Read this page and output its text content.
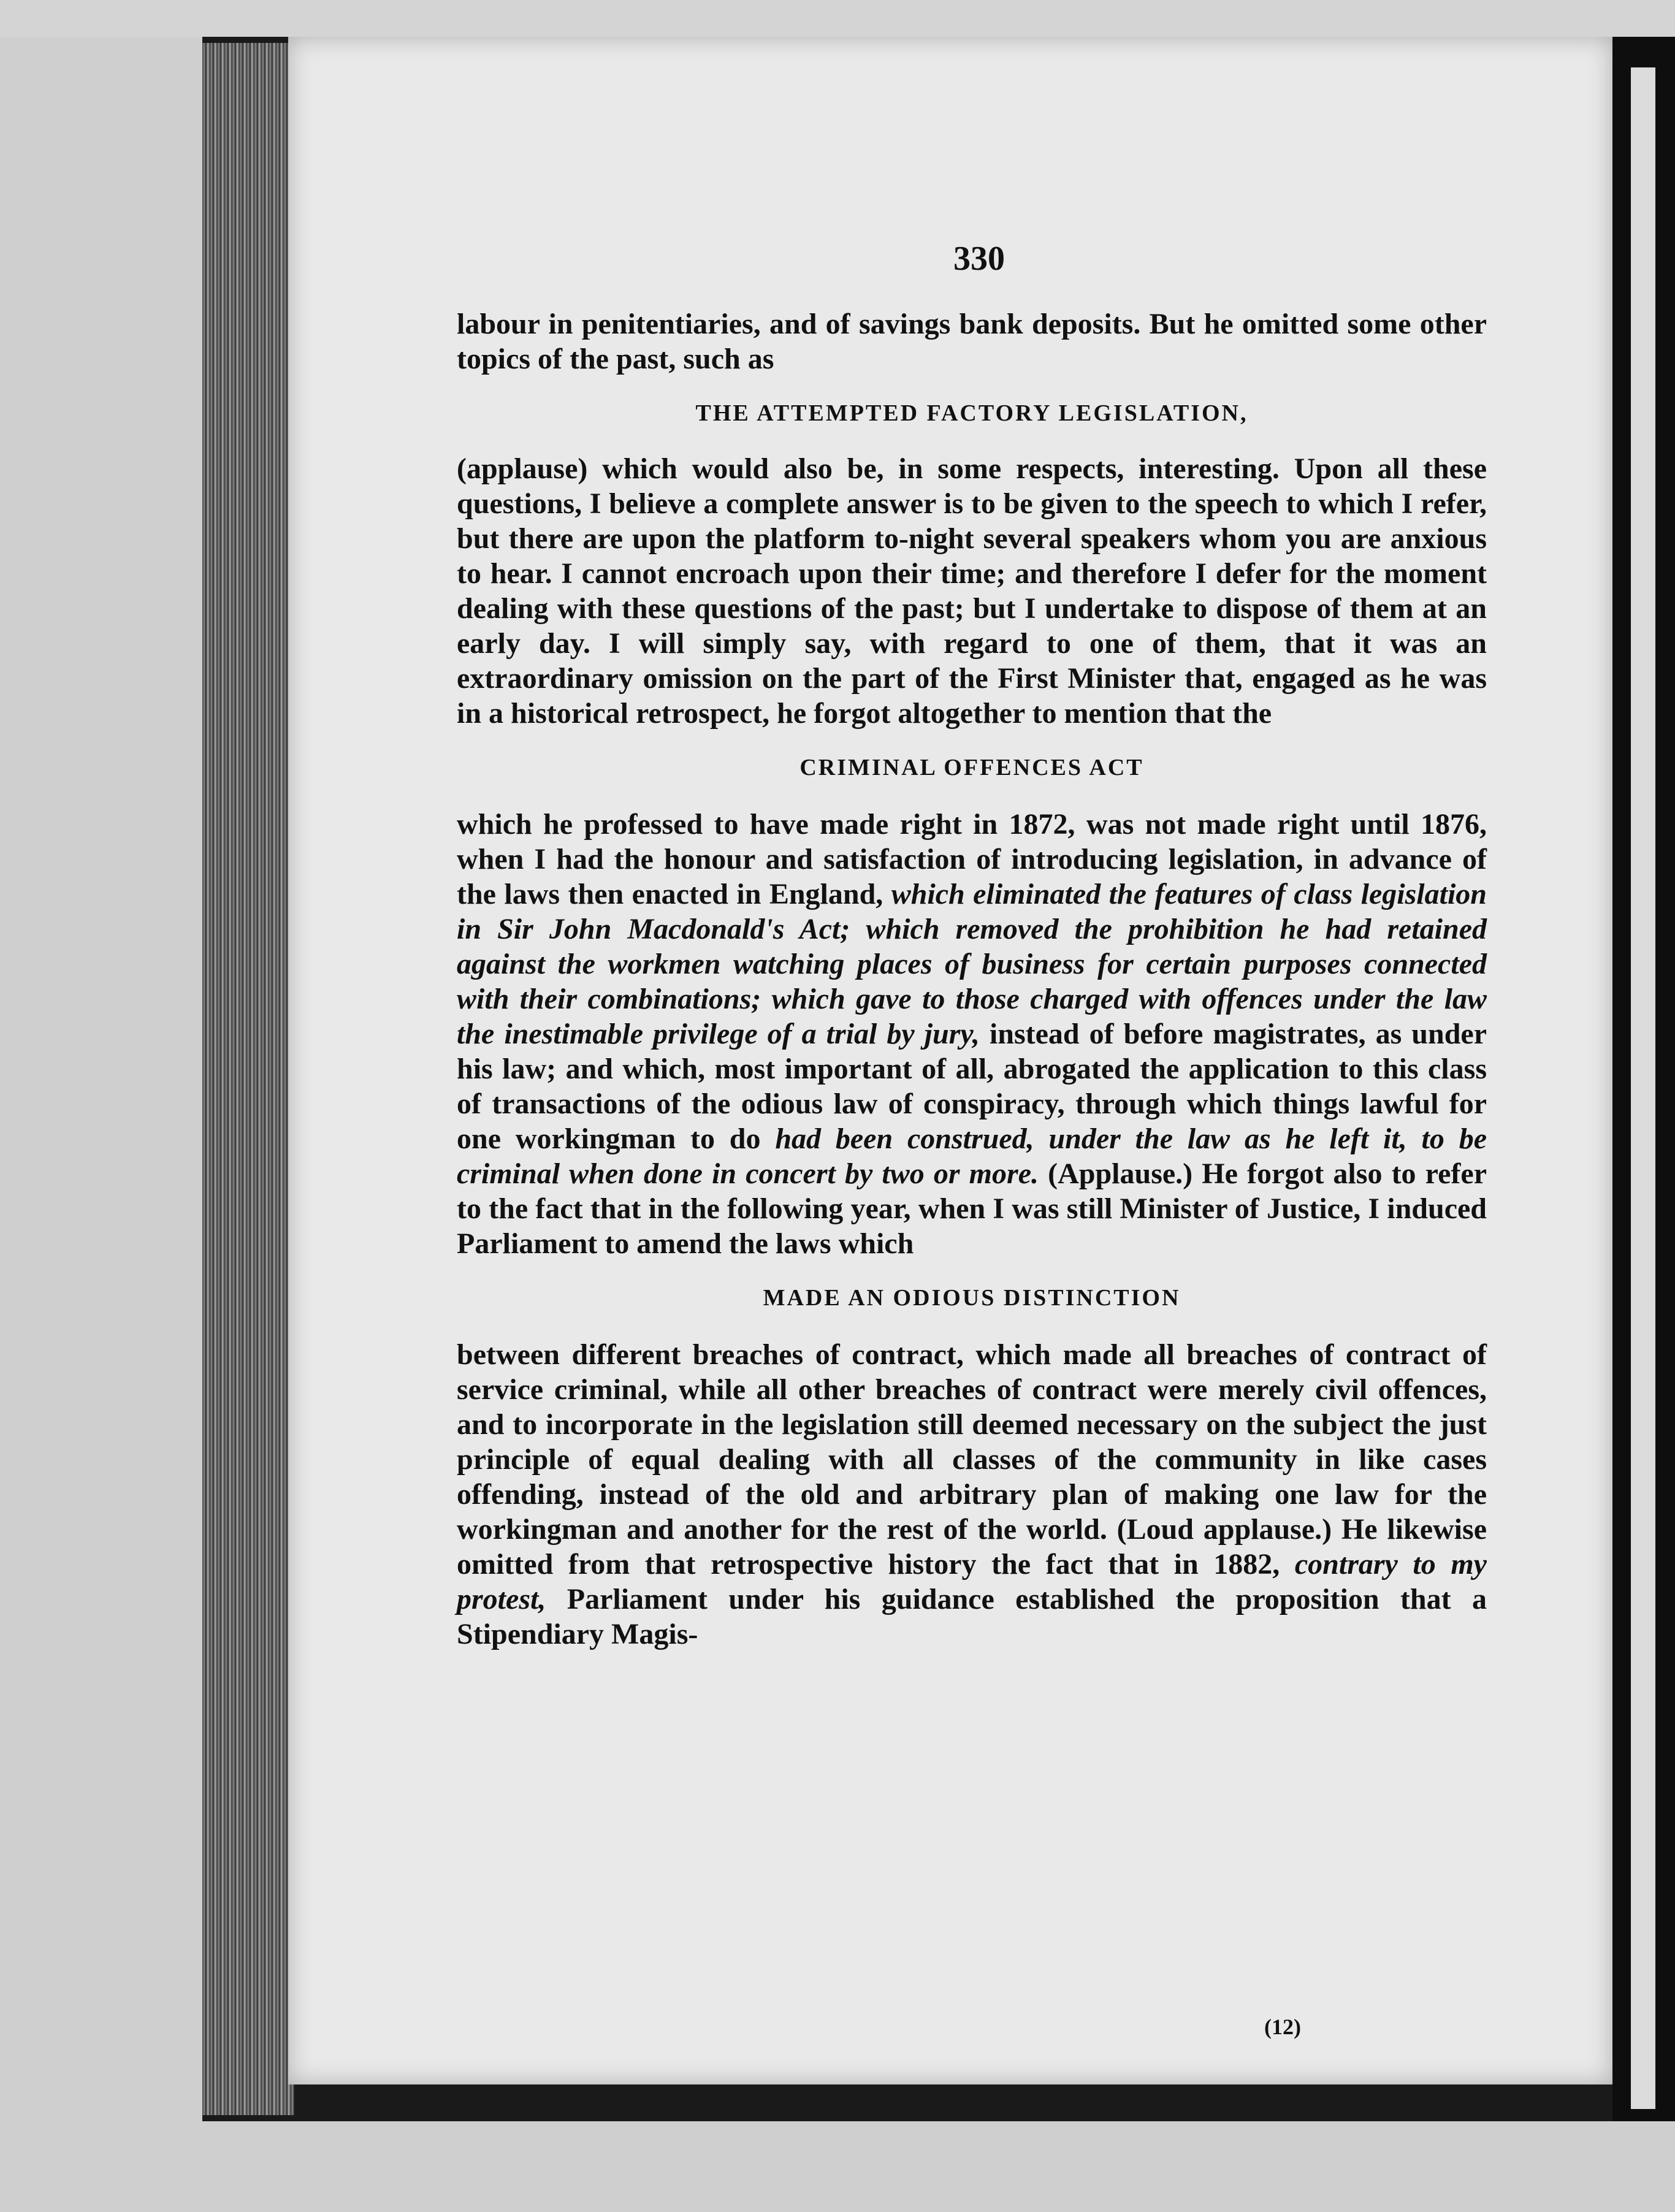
330

labour in penitentiaries, and of savings bank deposits. But he omitted some other topics of the past, such as

THE ATTEMPTED FACTORY LEGISLATION,

(applause) which would also be, in some respects, interesting. Upon all these questions, I believe a complete answer is to be given to the speech to which I refer, but there are upon the platform to-night several speakers whom you are anxious to hear. I cannot encroach upon their time; and therefore I defer for the moment dealing with these questions of the past; but I undertake to dispose of them at an early day. I will simply say, with regard to one of them, that it was an extraordinary omission on the part of the First Minister that, engaged as he was in a historical retrospect, he forgot altogether to mention that the

CRIMINAL OFFENCES ACT

which he professed to have made right in 1872, was not made right until 1876, when I had the honour and satisfaction of introducing legislation, in advance of the laws then enacted in England, which eliminated the features of class legislation in Sir John Macdonald's Act; which removed the prohibition he had retained against the workmen watching places of business for certain purposes connected with their combinations; which gave to those charged with offences under the law the inestimable privilege of a trial by jury, instead of before magistrates, as under his law; and which, most important of all, abrogated the application to this class of transactions of the odious law of conspiracy, through which things lawful for one workingman to do had been construed, under the law as he left it, to be criminal when done in concert by two or more. (Applause.) He forgot also to refer to the fact that in the following year, when I was still Minister of Justice, I induced Parliament to amend the laws which

MADE AN ODIOUS DISTINCTION

between different breaches of contract, which made all breaches of contract of service criminal, while all other breaches of contract were merely civil offences, and to incorporate in the legislation still deemed necessary on the subject the just principle of equal dealing with all classes of the community in like cases offending, instead of the old and arbitrary plan of making one law for the workingman and another for the rest of the world. (Loud applause.) He likewise omitted from that retrospective history the fact that in 1882, contrary to my protest, Parliament under his guidance established the proposition that a Stipendiary Magis-

(12)
